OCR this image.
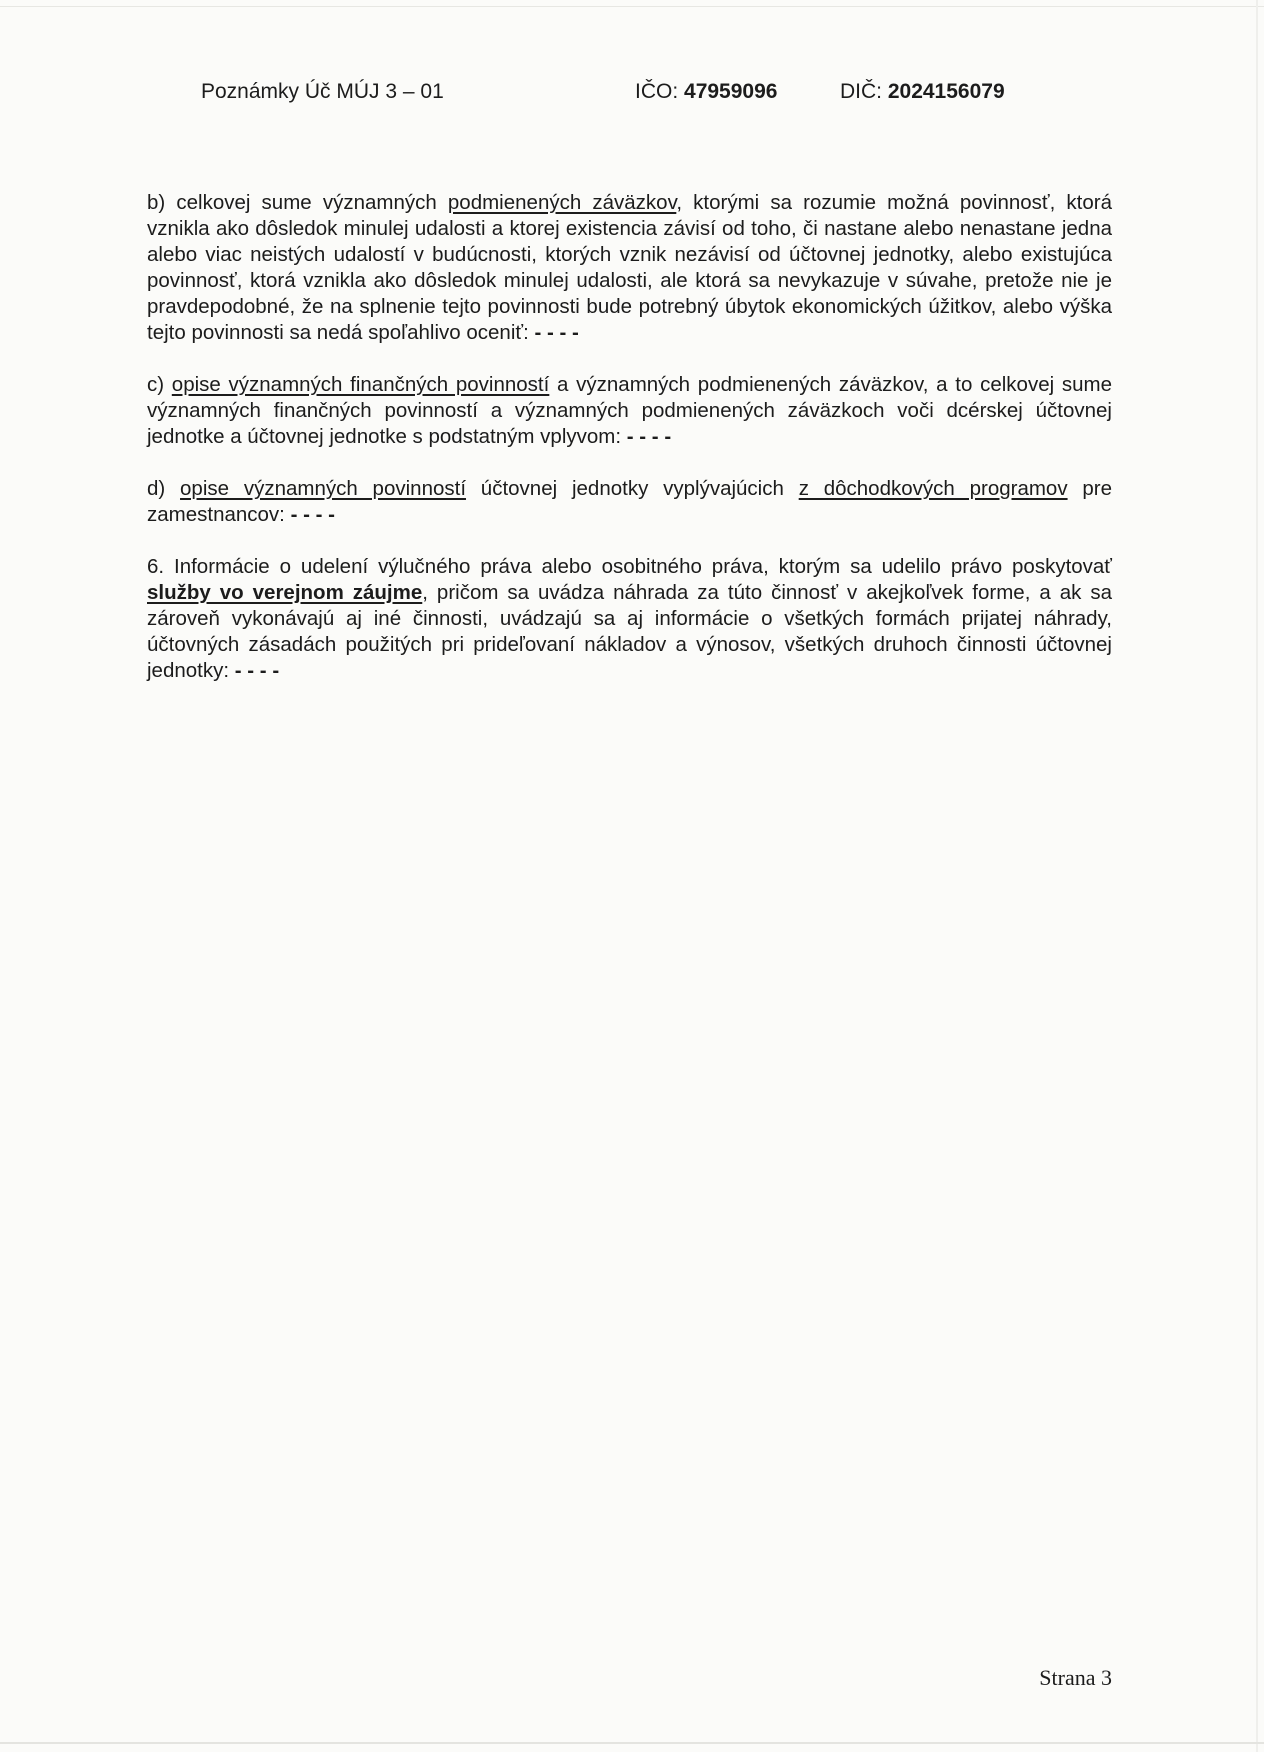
Poznámky Úč MÚJ 3 – 01	IČO: 47959096	DIČ: 2024156079

b) celkovej sume významných podmienených záväzkov, ktorými sa rozumie možná povinnosť, ktorá vznikla ako dôsledok minulej udalosti a ktorej existencia závisí od toho, či nastane alebo nenastane jedna alebo viac neistých udalostí v budúcnosti, ktorých vznik nezávisí od účtovnej jednotky, alebo existujúca povinnosť, ktorá vznikla ako dôsledok minulej udalosti, ale ktorá sa nevykazuje v súvahe, pretože nie je pravdepodobné, že na splnenie tejto povinnosti bude potrebný úbytok ekonomických úžitkov, alebo výška tejto povinnosti sa nedá spoľahlivo oceniť: - - - -

c) opise významných finančných povinností a významných podmienených záväzkov, a to celkovej sume významných finančných povinností a významných podmienených záväzkoch voči dcérskej účtovnej jednotke a účtovnej jednotke s podstatným vplyvom: - - - -

d) opise významných povinností účtovnej jednotky vyplývajúcich z dôchodkových programov pre zamestnancov: - - - -

6. Informácie o udelení výlučného práva alebo osobitného práva, ktorým sa udelilo právo poskytovať služby vo verejnom záujme, pričom sa uvádza náhrada za túto činnosť v akejkoľvek forme, a ak sa zároveň vykonávajú aj iné činnosti, uvádzajú sa aj informácie o všetkých formách prijatej náhrady, účtovných zásadách použitých pri prideľovaní nákladov a výnosov, všetkých druhoch činnosti účtovnej jednotky: - - - -

Strana 3
